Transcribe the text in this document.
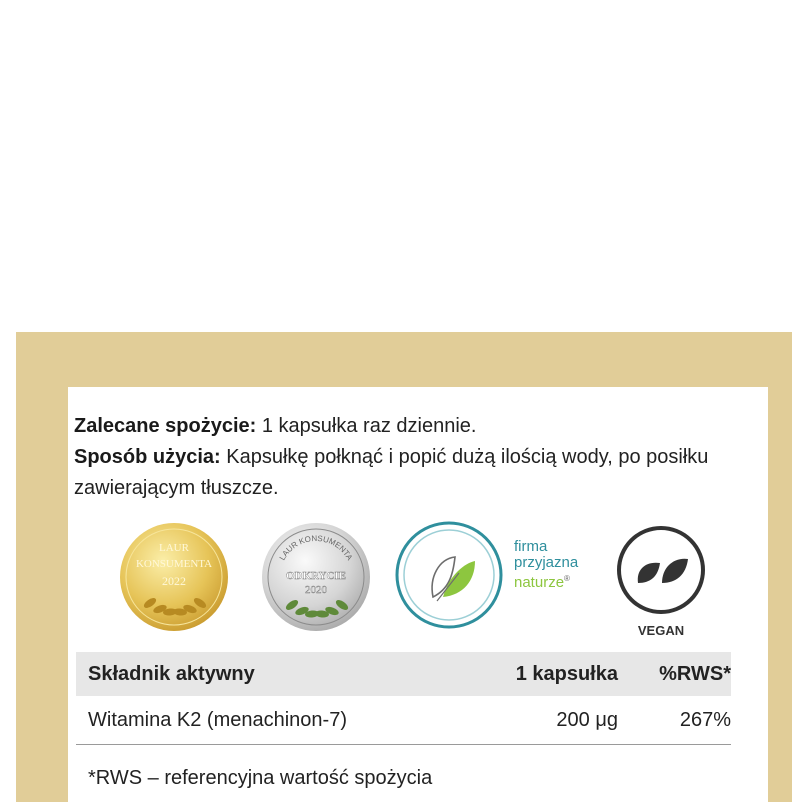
Zalecane spożycie: 1 kapsułka raz dziennie.

Sposób użycia: Kapsułkę połknąć i popić dużą ilością wody, po posiłku zawierającym tłuszcze.

LAUR
KONSUMENTA
2022
LAUR KONSUMENTA
ODKRYCIE
2020
firma
przyjazna
naturze®
VEGAN
Składnik aktywny	1 kapsułka	%RWS*
Witamina K2 (menachinon-7)	200 μg	267%
*RWS – referencyjna wartość spożycia
